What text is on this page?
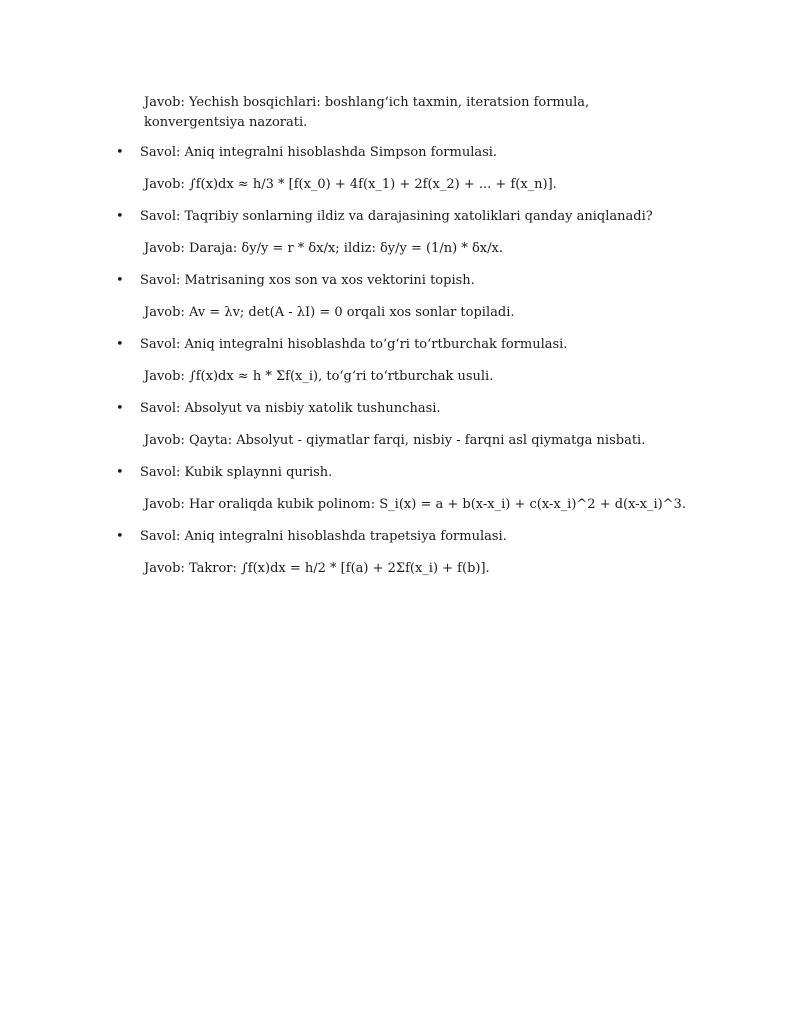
Javob: Yechish bosqichlari: boshlang‘ich taxmin, iteratsion formula, konvergentsiya nazorati.
• Savol: Aniq integralni hisoblashda Simpson formulasi.
Javob: ∫f(x)dx ≈ h/3 * [f(x_0) + 4f(x_1) + 2f(x_2) + ... + f(x_n)].
• Savol: Taqribiy sonlarning ildiz va darajasining xatoliklari qanday aniqlanadi?
Javob: Daraja: δy/y = r * δx/x; ildiz: δy/y = (1/n) * δx/x.
• Savol: Matrisaning xos son va xos vektorini topish.
Javob: Av = λv; det(A - λI) = 0 orqali xos sonlar topiladi.
• Savol: Aniq integralni hisoblashda to‘g‘ri to‘rtburchak formulasi.
Javob: ∫f(x)dx ≈ h * Σf(x_i), to‘g‘ri to‘rtburchak usuli.
• Savol: Absolyut va nisbiy xatolik tushunchasi.
Javob: Qayta: Absolyut - qiymatlar farqi, nisbiy - farqni asl qiymatga nisbati.
• Savol: Kubik splaynni qurish.
Javob: Har oraliqda kubik polinom: S_i(x) = a + b(x-x_i) + c(x-x_i)^2 + d(x-x_i)^3.
• Savol: Aniq integralni hisoblashda trapetsiya formulasi.
Javob: Takror: ∫f(x)dx = h/2 * [f(a) + 2Σf(x_i) + f(b)].
